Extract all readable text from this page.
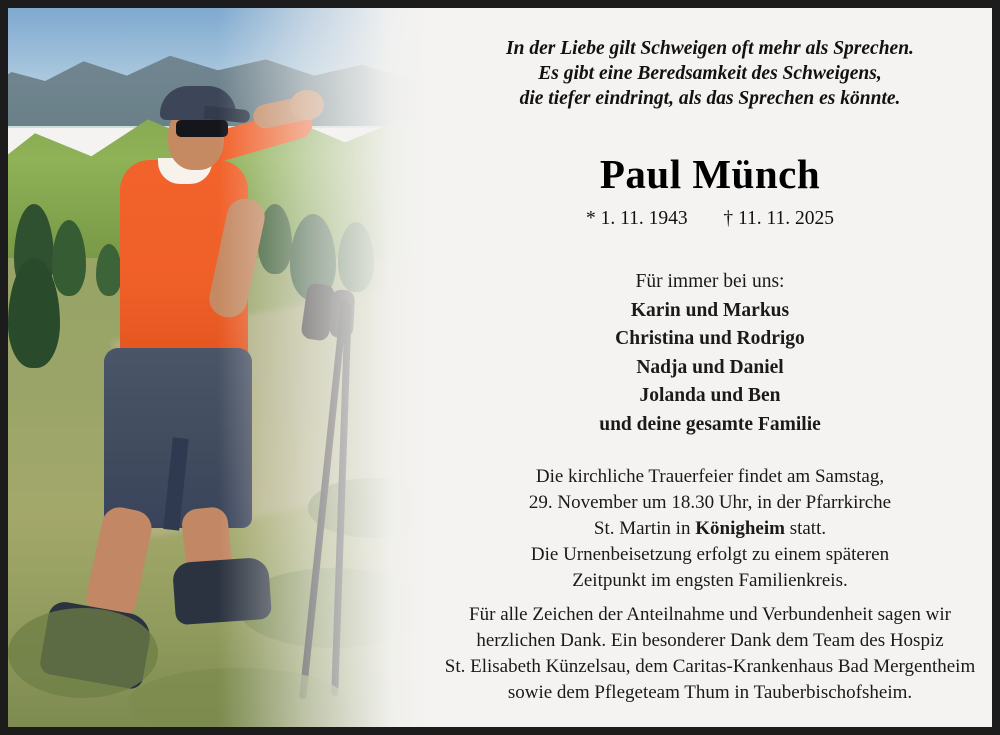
In der Liebe gilt Schweigen oft mehr als Sprechen.
Es gibt eine Beredsamkeit des Schweigens,
die tiefer eindringt, als das Sprechen es könnte.
Paul Münch
* 1. 11. 1943 † 11. 11. 2025
Für immer bei uns:
Karin und Markus
Christina und Rodrigo
Nadja und Daniel
Jolanda und Ben
und deine gesamte Familie
Die kirchliche Trauerfeier findet am Samstag,
29. November um 18.30 Uhr, in der Pfarrkirche
St. Martin in Königheim statt.
Die Urnenbeisetzung erfolgt zu einem späteren
Zeitpunkt im engsten Familienkreis.
Für alle Zeichen der Anteilnahme und Verbundenheit sagen wir
herzlichen Dank. Ein besonderer Dank dem Team des Hospiz
St. Elisabeth Künzelsau, dem Caritas-Krankenhaus Bad Mergentheim
sowie dem Pflegeteam Thum in Tauberbischofsheim.
